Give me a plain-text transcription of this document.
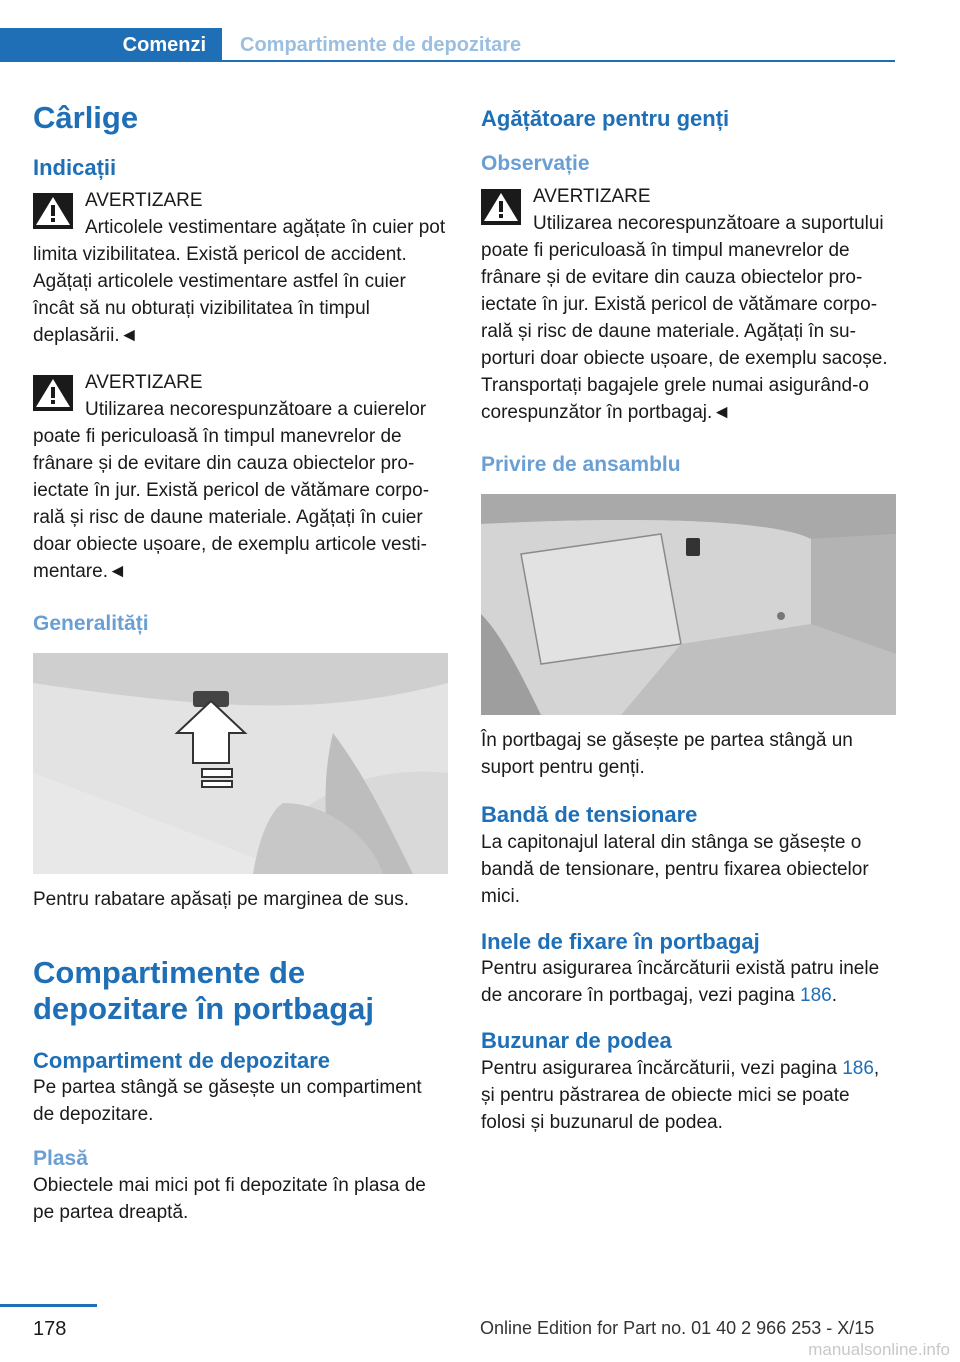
Comenzi	Compartimente de depozitare
Cârlige
Indicații
AVERTIZARE

Articolele vestimentare agățate în cuier pot limita vizibilitatea. Există pericol de accident. Agățați articolele vestimentare astfel în cuier încât să nu obturați vizibilitatea în timpul deplasării.◄

AVERTIZARE

Utilizarea necorespunzătoare a cuierelor poate fi periculoasă în timpul manevrelor de frânare și de evitare din cauza obiectelor proiectate în jur. Există pericol de vătămare corporală și risc de daune materiale. Agățați în cuier doar obiecte ușoare, de exemplu articole vestimentare.◄

Generalități

Pentru rabatare apăsați pe marginea de sus.

Compartimente de depozitare în portbagaj
Compartiment de depozitare

Pe partea stângă se găsește un compartiment de depozitare.

Plasă

Obiectele mai mici pot fi depozitate în plasa de pe partea dreaptă.

Agățătoare pentru genți
Observație
AVERTIZARE

Utilizarea necorespunzătoare a suportului poate fi periculoasă în timpul manevrelor de frânare și de evitare din cauza obiectelor proiectate în jur. Există pericol de vătămare corporală și risc de daune materiale. Agățați în suporturi doar obiecte ușoare, de exemplu sacoșe. Transportați bagajele grele numai asigurând-o corespunzător în portbagaj.◄

Privire de ansamblu

În portbagaj se găsește pe partea stângă un suport pentru genți.

Bandă de tensionare

La capitonajul lateral din stânga se găsește o bandă de tensionare, pentru fixarea obiectelor mici.

Inele de fixare în portbagaj

Pentru asigurarea încărcăturii există patru inele de ancorare în portbagaj, vezi pagina 186.

Buzunar de podea

Pentru asigurarea încărcăturii, vezi pagina 186, și pentru păstrarea de obiecte mici se poate folosi și buzunarul de podea.

178	Online Edition for Part no. 01 40 2 966 253 - X/15
manualsonline.info
